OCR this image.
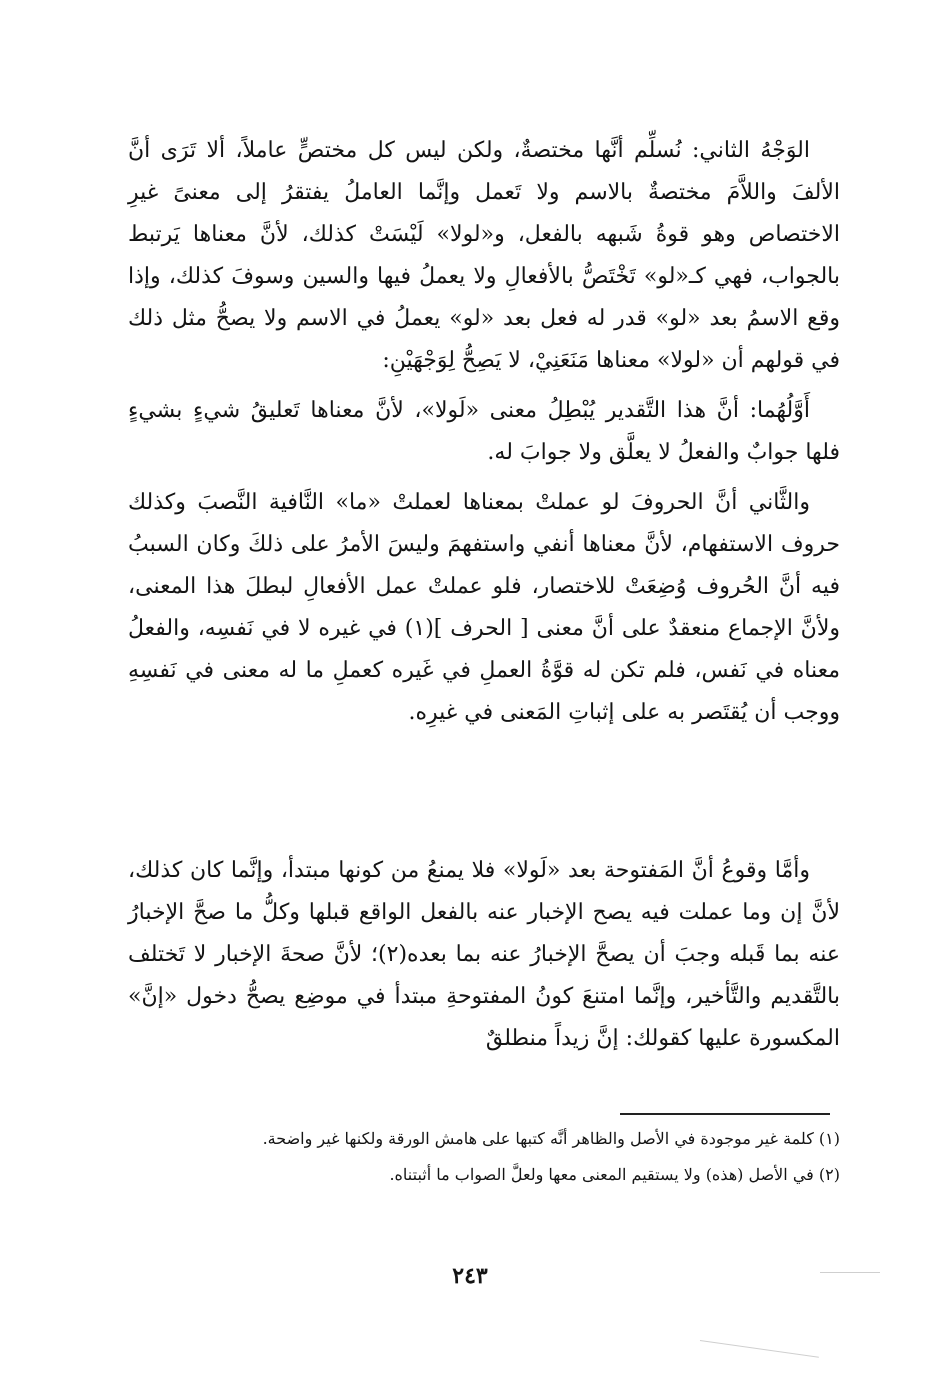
الوَجْهُ الثاني: نُسلِّم أنَّها مختصةٌ، ولكن ليس كل مختصٍّ عاملاً، ألا تَرَى أنَّ الألفَ واللاَّمَ مختصةٌ بالاسم ولا تَعمل وإنَّما العاملُ يفتقرُ إلى معنىً غيرِ الاختصاص وهو قوةُ شَبهه بالفعل، و«لولا» لَيْسَتْ كذلك، لأنَّ معناها يَرتبط بالجواب، فهي كـ«لو» تَخْتَصُّ بالأفعالِ ولا يعملُ فيها والسين وسوفَ كذلك، وإذا وقع الاسمُ بعد «لو» قدر له فعل بعد «لو» يعملُ في الاسم ولا يصحُّ مثل ذلك في قولهم أن «لولا» معناها مَنَعَنِيْ، لا يَصِحُّ لِوَجْهَيْنِ:

أَوَّلُهُما: أنَّ هذا التَّقدير يُبْطِلُ معنى «لَولا»، لأنَّ معناها تَعليقُ شيءٍ بشيءٍ فلها جوابٌ والفعلُ لا يعلَّق ولا جوابَ له.

والثَّاني أنَّ الحروفَ لو عملتْ بمعناها لعملتْ «ما» النَّافية النَّصبَ وكذلك حروف الاستفهام، لأنَّ معناها أنفي واستفهمَ وليسَ الأمرُ على ذلكَ وكان السببُ فيه أنَّ الحُروف وُضِعَتْ للاختصار، فلو عملتْ عمل الأفعالِ لبطلَ هذا المعنى، ولأنَّ الإجماع منعقدٌ على أنَّ معنى [ الحرف ](١) في غيره لا في نَفسِه، والفعلُ معناه في نَفس، فلم تكن له قوَّةُ العملِ في غَيره كعملِ ما له معنى في نَفسِهِ ووجب أن يُقتَصر به على إثباتِ المَعنى في غيرِه.

وأمَّا وقوعُ أنَّ المَفتوحة بعد «لَولا» فلا يمنعُ من كونها مبتدأ، وإنَّما كان كذلك، لأنَّ إن وما عملت فيه يصح الإخبار عنه بالفعل الواقع قبلها وكلُّ ما صحَّ الإخبارُ عنه بما قَبله وجبَ أن يصحَّ الإخبارُ عنه بما بعده(٢)؛ لأنَّ صحةَ الإخبار لا تَختلف بالتَّقديم والتَّأخير، وإنَّما امتنعَ كونُ المفتوحةِ مبتدأ في موضِع يصحُّ دخول «إنَّ» المكسورة عليها كقولك: إنَّ زيداً منطلقٌ

(١) كلمة غير موجودة في الأصل والظاهر أنَّه كتبها على هامش الورقة ولكنها غير واضحة.

(٢) في الأصل (هذه) ولا يستقيم المعنى معها ولعلَّ الصواب ما أثبتناه.

٢٤٣
